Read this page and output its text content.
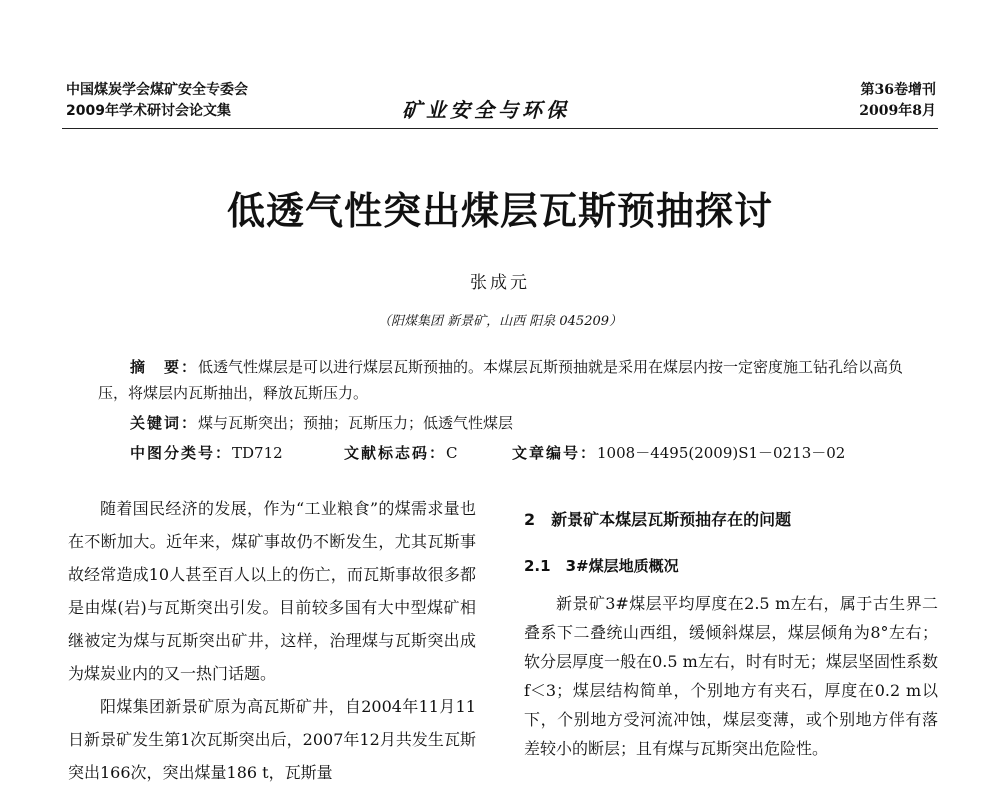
中国煤炭学会煤矿安全专委会
2009年学术研讨会论文集	矿业安全与环保
第36卷增刊
2009年8月
低透气性突出煤层瓦斯预抽探讨
张成元
（阳煤集团 新景矿，山西 阳泉 045209）

摘　要：低透气性煤层是可以进行煤层瓦斯预抽的。本煤层瓦斯预抽就是采用在煤层内按一定密度施工钻孔给以高负压，将煤层内瓦斯抽出，释放瓦斯压力。

关键词：煤与瓦斯突出；预抽；瓦斯压力；低透气性煤层
中图分类号：TD712	文献标志码：C	文章编号：1008－4495(2009)S1－0213－02

随着国民经济的发展，作为“工业粮食”的煤需求量也在不断加大。近年来，煤矿事故仍不断发生，尤其瓦斯事故经常造成10人甚至百人以上的伤亡，而瓦斯事故很多都是由煤(岩)与瓦斯突出引发。目前较多国有大中型煤矿相继被定为煤与瓦斯突出矿井，这样，治理煤与瓦斯突出成为煤炭业内的又一热门话题。

阳煤集团新景矿原为高瓦斯矿井，自2004年11月11日新景矿发生第1次瓦斯突出后，2007年12月共发生瓦斯突出166次，突出煤量186 t，瓦斯量

2　新景矿本煤层瓦斯预抽存在的问题
2.1　3#煤层地质概况

新景矿3#煤层平均厚度在2.5 m左右，属于古生界二叠系下二叠统山西组，缓倾斜煤层，煤层倾角为8°左右；软分层厚度一般在0.5 m左右，时有时无；煤层坚固性系数f＜3；煤层结构简单，个别地方有夹石，厚度在0.2 m以下，个别地方受河流冲蚀，煤层变薄，或个别地方伴有落差较小的断层；且有煤与瓦斯突出危险性。
